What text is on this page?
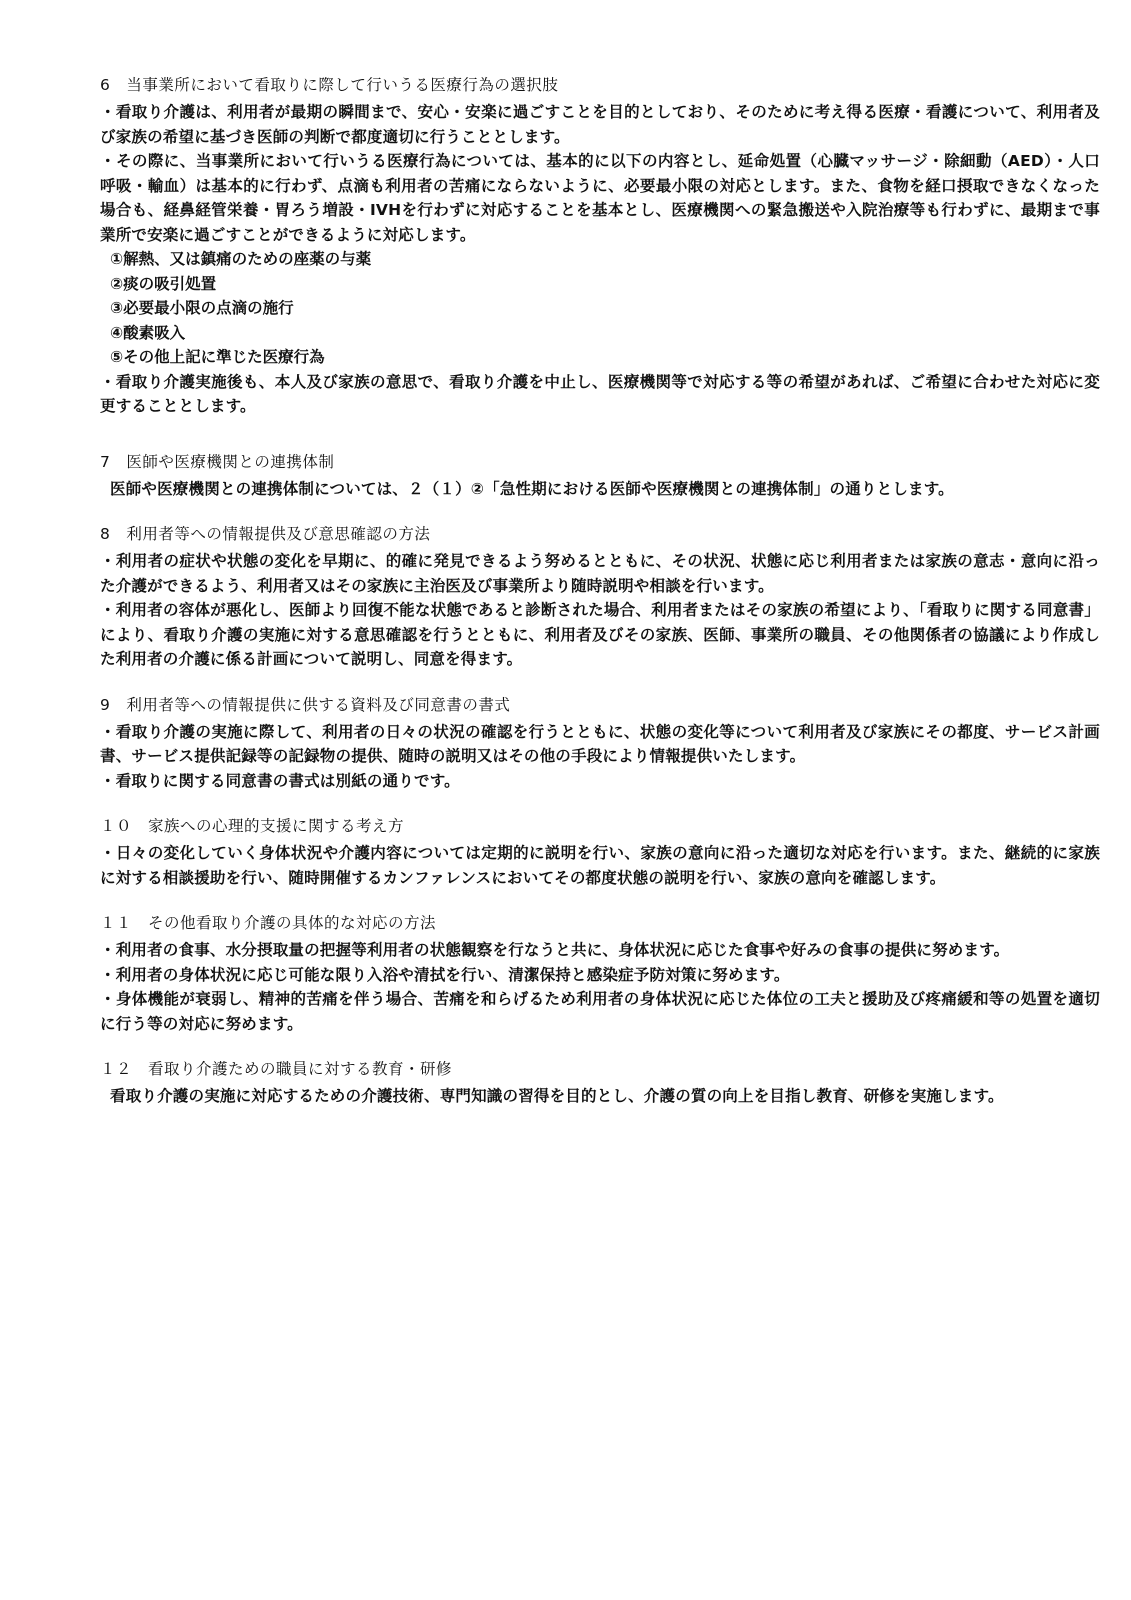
6　当事業所において看取りに際して行いうる医療行為の選択肢

・看取り介護は、利用者が最期の瞬間まで、安心・安楽に過ごすことを目的としており、そのために考え得る医療・看護について、利用者及び家族の希望に基づき医師の判断で都度適切に行うこととします。

・その際に、当事業所において行いうる医療行為については、基本的に以下の内容とし、延命処置（心臓マッサージ・除細動（AED）・人口呼吸・輸血）は基本的に行わず、点滴も利用者の苦痛にならないように、必要最小限の対応とします。また、食物を経口摂取できなくなった場合も、経鼻経管栄養・胃ろう増設・IVHを行わずに対応することを基本とし、医療機関への緊急搬送や入院治療等も行わずに、最期まで事業所で安楽に過ごすことができるように対応します。

①解熱、又は鎮痛のための座薬の与薬

②痰の吸引処置

③必要最小限の点滴の施行

④酸素吸入

⑤その他上記に準じた医療行為

・看取り介護実施後も、本人及び家族の意思で、看取り介護を中止し、医療機関等で対応する等の希望があれば、ご希望に合わせた対応に変更することとします。

7　医師や医療機関との連携体制

医師や医療機関との連携体制については、２（１）②「急性期における医師や医療機関との連携体制」の通りとします。

8　利用者等への情報提供及び意思確認の方法

・利用者の症状や状態の変化を早期に、的確に発見できるよう努めるとともに、その状況、状態に応じ利用者または家族の意志・意向に沿った介護ができるよう、利用者又はその家族に主治医及び事業所より随時説明や相談を行います。

・利用者の容体が悪化し、医師より回復不能な状態であると診断された場合、利用者またはその家族の希望により、「看取りに関する同意書」により、看取り介護の実施に対する意思確認を行うとともに、利用者及びその家族、医師、事業所の職員、その他関係者の協議により作成した利用者の介護に係る計画について説明し、同意を得ます。

9　利用者等への情報提供に供する資料及び同意書の書式

・看取り介護の実施に際して、利用者の日々の状況の確認を行うとともに、状態の変化等について利用者及び家族にその都度、サービス計画書、サービス提供記録等の記録物の提供、随時の説明又はその他の手段により情報提供いたします。

・看取りに関する同意書の書式は別紙の通りです。

１０　家族への心理的支援に関する考え方

・日々の変化していく身体状況や介護内容については定期的に説明を行い、家族の意向に沿った適切な対応を行います。また、継続的に家族に対する相談援助を行い、随時開催するカンファレンスにおいてその都度状態の説明を行い、家族の意向を確認します。

１１　その他看取り介護の具体的な対応の方法

・利用者の食事、水分摂取量の把握等利用者の状態観察を行なうと共に、身体状況に応じた食事や好みの食事の提供に努めます。

・利用者の身体状況に応じ可能な限り入浴や清拭を行い、清潔保持と感染症予防対策に努めます。

・身体機能が衰弱し、精神的苦痛を伴う場合、苦痛を和らげるため利用者の身体状況に応じた体位の工夫と援助及び疼痛緩和等の処置を適切に行う等の対応に努めます。

１２　看取り介護ための職員に対する教育・研修

看取り介護の実施に対応するための介護技術、専門知識の習得を目的とし、介護の質の向上を目指し教育、研修を実施します。
